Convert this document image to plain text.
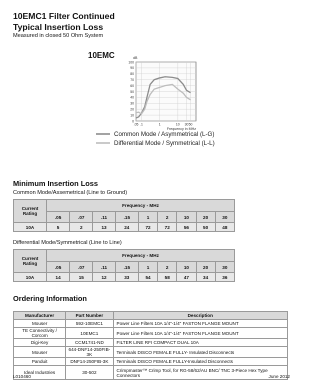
10EMC1 Filter Continued
Typical Insertion Loss
Measured in closed 50 Ohm System
10EMC
100
90
80
70
60
50
40
30
20
10
0
dB
.05 .1	1	10 30 50
Frequency in MHz
Common Mode / Asymmetrical (L-G)
Differential Mode / Symmetrical (L-L)
Minimum Insertion Loss
Common Mode/Assemetrical (Line to Ground)
Current Rating	Frequency - MHz								
	.05	.07	.11	.15	1	2	10	20	30
10A	5	2	13	24	72	72	56	50	48
Differential Mode/Symmetrical (Line to Line)
Current Rating	Frequency - MHz								
	.05	.07	.11	.15	1	2	10	20	30
10A	14	15	12	33	54	58	47	34	36
Ordering Information
Manufacturer	Part Number	Description
Mouser	592-10EMC1	Power Line Filters 10A 1/4"-1/4" FASTON FLANGE MOUNT
TE Connectivity / Corcom	10EMC1	Power Line Filters 10A 1/4"-1/4" FASTON FLANGE MOUNT
Digi-Key	CCM1741-ND	FILTER LINE RFI COMPACT DUAL 10A
Mouser	644-DNF14-250FIB-3K	Terminals DISCO FEMALE FULLY- Insulated Disconnects
Panduit	DNF14-250FIB-3K	Terminals DISCO FEMALE FULLY-Insulated Disconnects
Ideal Industries	30-502	Crimpmaster™ Crimp Tool, for RG-58/62/AU BNC/ TNC 3-Piece Hex Type Connectors
L010460	June 2012
